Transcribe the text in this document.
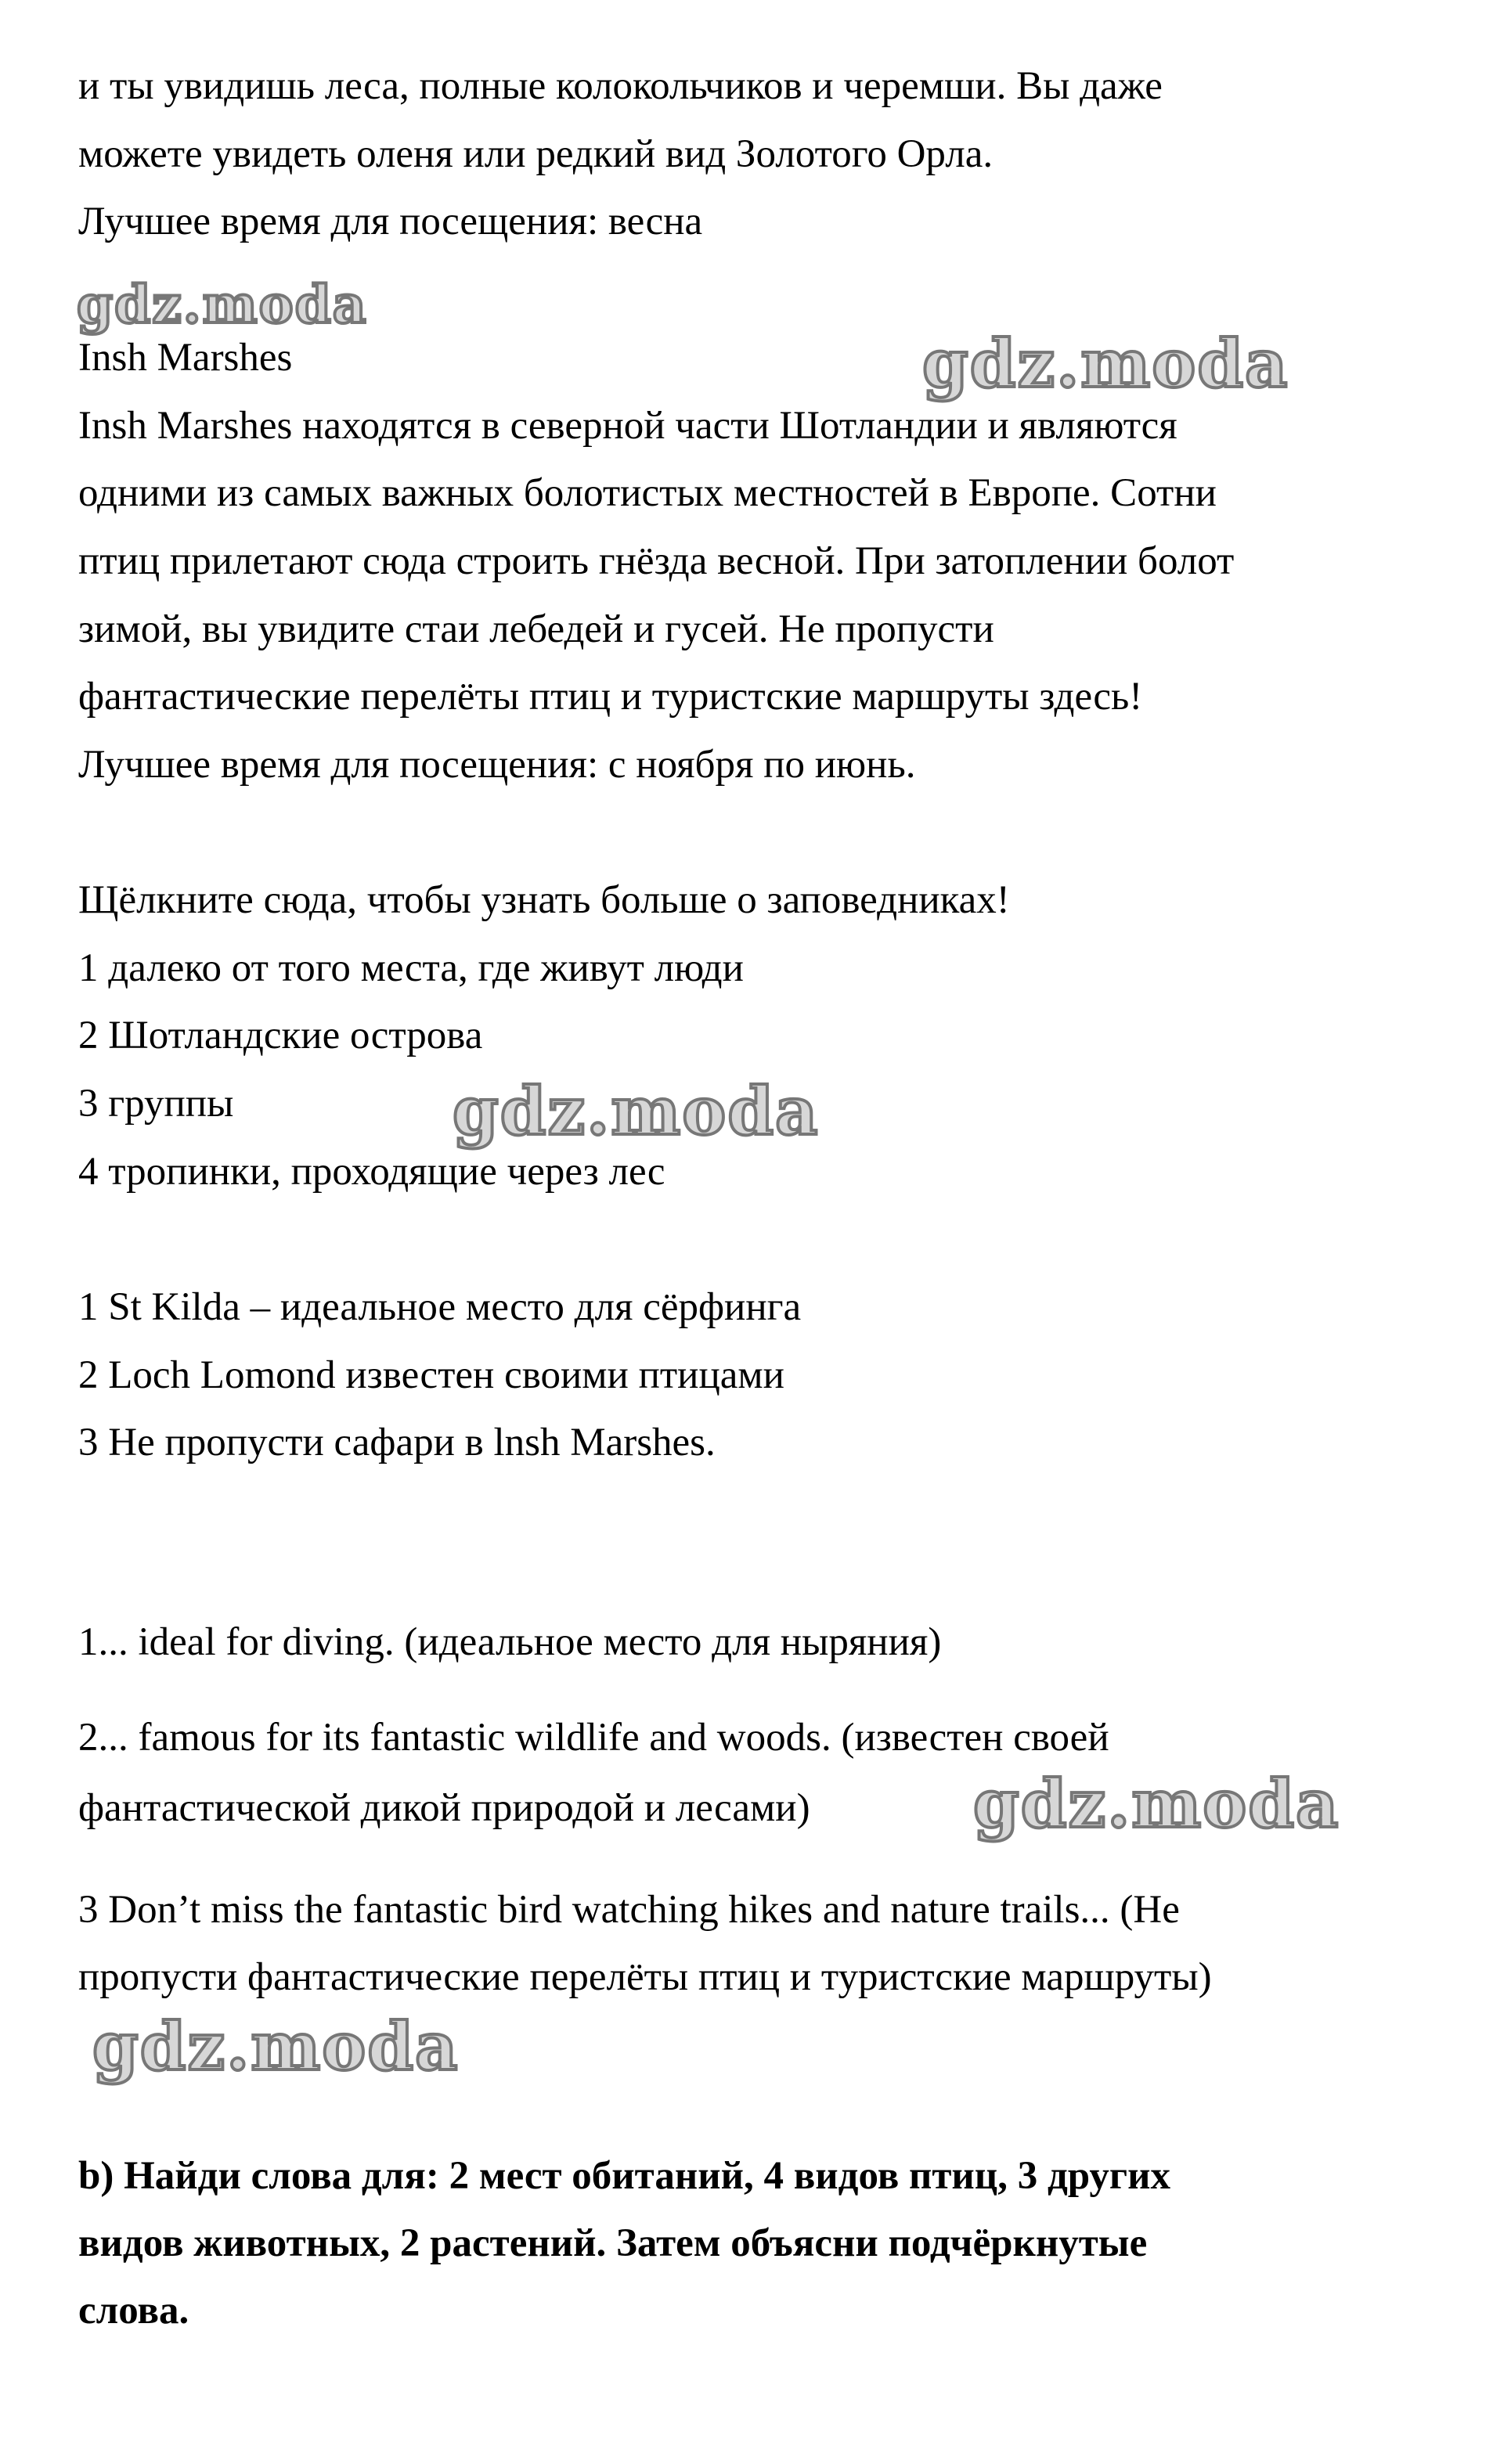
и ты увидишь леса, полные колокольчиков и черемши. Вы даже
можете увидеть оленя или редкий вид Золотого Орла.
Лучшее время для посещения: весна
Insh Marshes
Insh Marshes находятся в северной части Шотландии и являются
одними из самых важных болотистых местностей в Европе. Сотни
птиц прилетают сюда строить гнёзда весной. При затоплении болот
зимой, вы увидите стаи лебедей и гусей. Не пропусти
фантастические перелёты птиц и туристские маршруты здесь!
Лучшее время для посещения: с ноября по июнь.
Щёлкните сюда, чтобы узнать больше о заповедниках!
1 далеко от того места, где живут люди
2 Шотландские острова
3 группы
4 тропинки, проходящие через лес
1 St Kilda – идеальное место для сёрфинга
2 Loch Lomond известен своими птицами
3 Не пропусти сафари в lnsh Marshes.
1... ideal for diving. (идеальное место для ныряния)
2... famous for its fantastic wildlife and woods. (известен своей
фантастической дикой природой и лесами)
3 Don’t miss the fantastic bird watching hikes and nature trails... (Не
пропусти фантастические перелёты птиц и туристские маршруты)
b) Найди слова для: 2 мест обитаний, 4 видов птиц, 3 других
видов животных, 2 растений. Затем объясни подчёркнутые
слова.
gdz.moda
gdz.moda
gdz.moda
gdz.moda
gdz.moda
